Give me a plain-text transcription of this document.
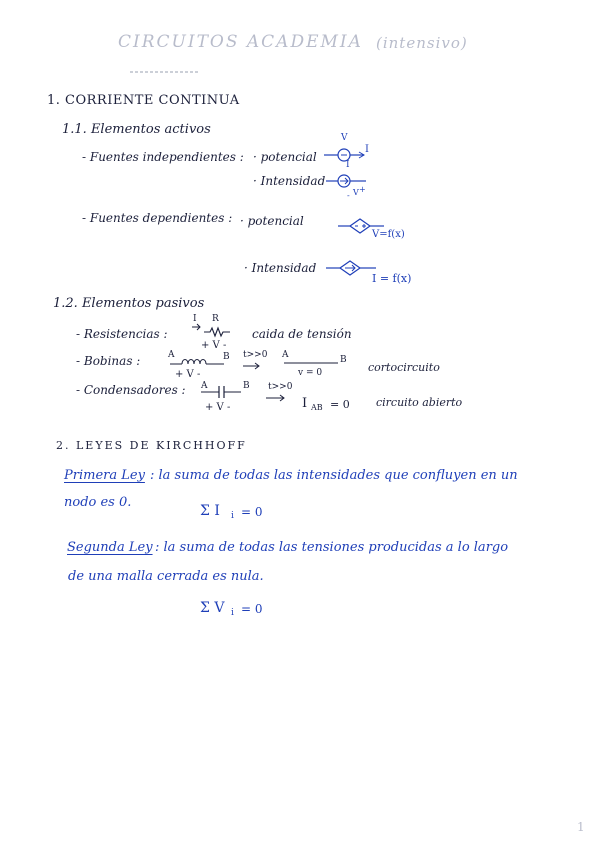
CIRCUITOS ACADEMIA (intensivo)
1. CORRIENTE CONTINUA
1.1. Elementos activos
- Fuentes independientes : · potencial
· Intensidad
V
I
I
- V +
- Fuentes dependientes : · potencial
V=f(x)
· Intensidad
I = f(x)
1.2. Elementos pasivos
- Resistencias :
I R
+ V -
caida de tensión
- Bobinas :	A	B
+ V -
t>>0 A	B
v = 0	cortocircuito
- Condensadores : A	B
+ V -
t>>0
I AB = 0 circuito abierto
2. LEYES DE KIRCHHOFF
Primera Ley : la suma de todas las intensidades que confluyen en un
nodo es 0.
Σ I i = 0
Segunda Ley : la suma de todas las tensiones producidas a lo largo
de una malla cerrada es nula.
Σ V i = 0
1
